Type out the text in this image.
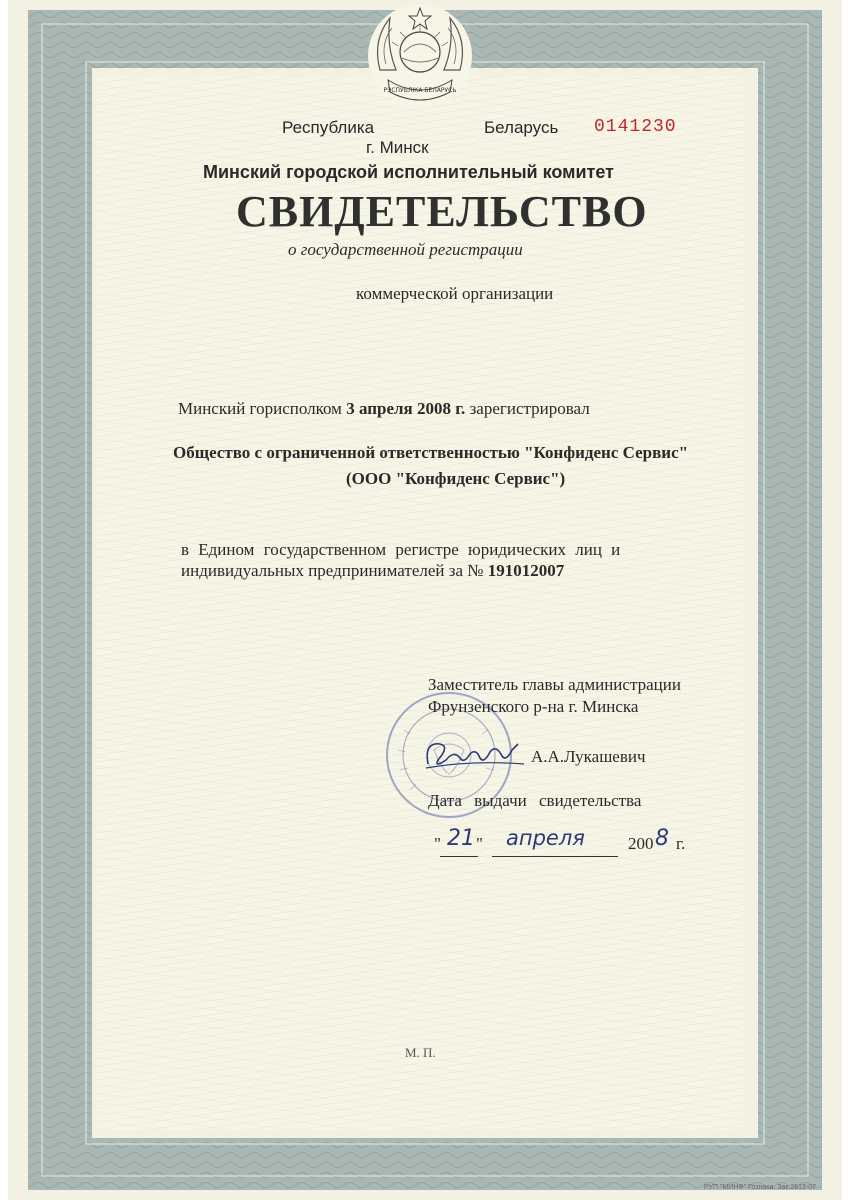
РЭСПУБЛІКА БЕЛАРУСЬ
Республика	Беларусь 0141230
г. Минск
Минский городской исполнительный комитет
СВИДЕТЕЛЬСТВО
о государственной регистрации
коммерческой организации
Минский горисполком 3 апреля 2008 г. зарегистрировал
Общество с ограниченной ответственностью "Конфиденс Сервис"
(ООО "Конфиденс Сервис")
в Едином государственном регистре юридических лиц и
индивидуальных предпринимателей за № 191012007
Заместитель главы администрации
Фрунзенского р-на г. Минска
А.А.Лукашевич
Дата выдачи свидетельства
" 21 " апреля	200 8 г.
М. П.
РУП "МИНФ" Гознака. Зак.2613-07
